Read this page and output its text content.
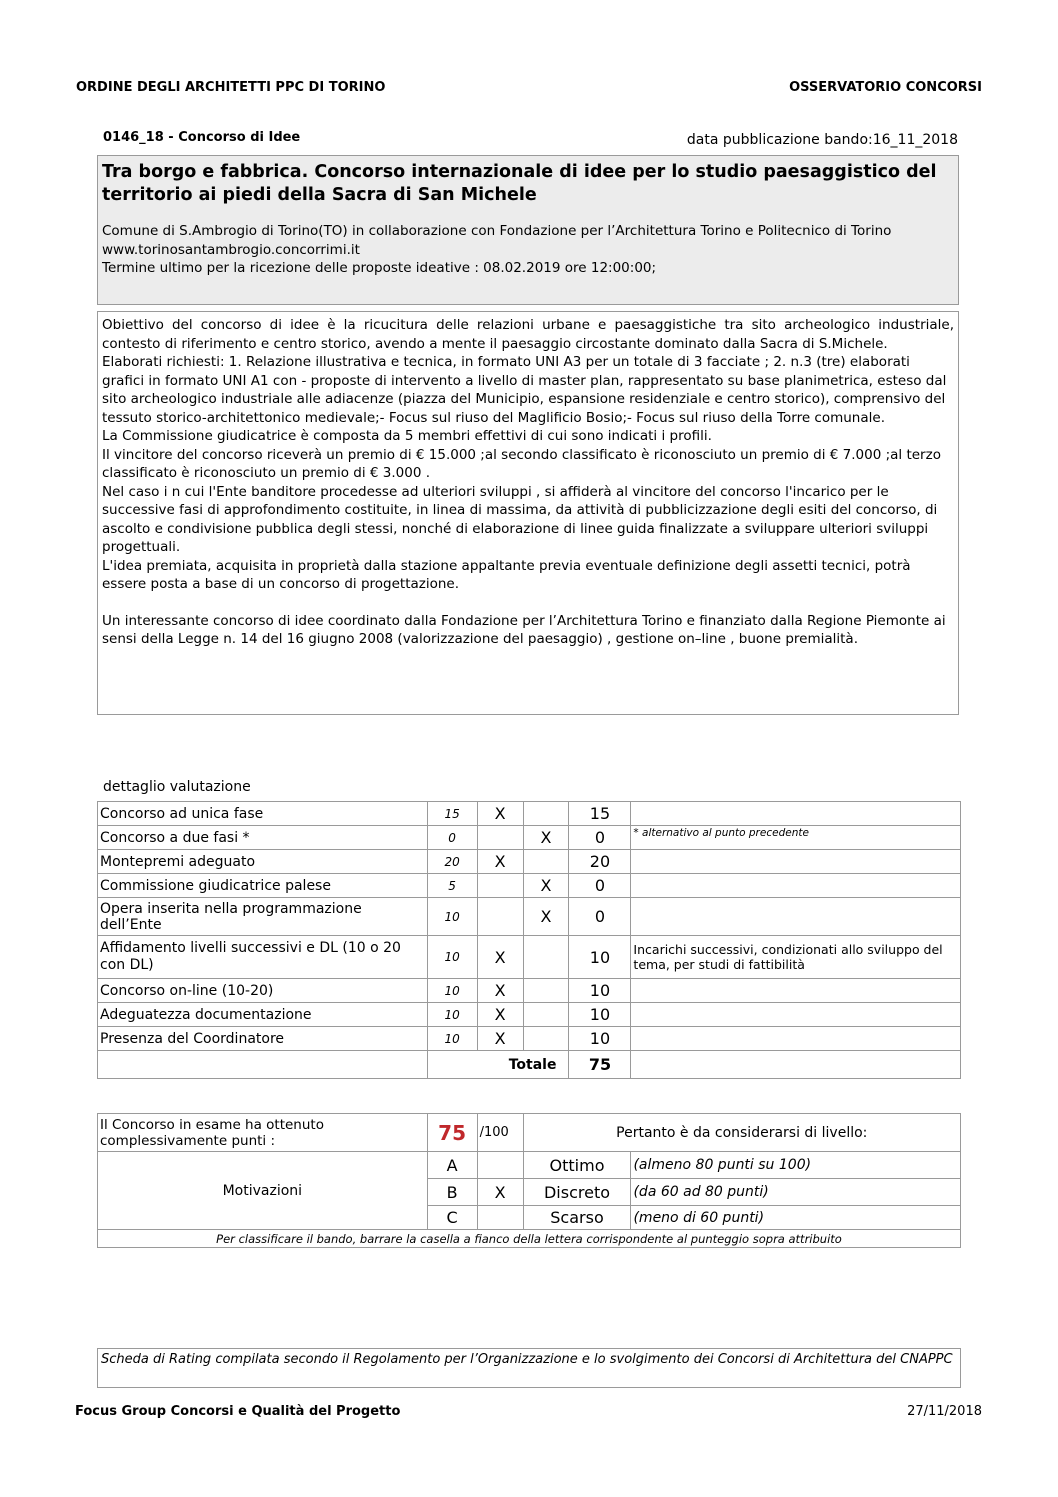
ORDINE DEGLI ARCHITETTI PPC DI TORINO	OSSERVATORIO CONCORSI
0146_18 - Concorso di Idee	data pubblicazione bando:16_11_2018

Tra borgo e fabbrica. Concorso internazionale di idee per lo studio paesaggistico del territorio ai piedi della Sacra di San Michele

Comune di S.Ambrogio di Torino(TO) in collaborazione con Fondazione per l’Architettura Torino e Politecnico di Torino
www.torinosantambrogio.concorrimi.it
Termine ultimo per la ricezione delle proposte ideative : 08.02.2019 ore 12:00:00;

Obiettivo del concorso di idee è la ricucitura delle relazioni urbane e paesaggistiche tra sito archeologico industriale, contesto di riferimento e centro storico, avendo a mente il paesaggio circostante dominato dalla Sacra di S.Michele.

Elaborati richiesti: 1. Relazione illustrativa e tecnica, in formato UNI A3 per un totale di 3 facciate ; 2. n.3 (tre) elaborati grafici in formato UNI A1 con - proposte di intervento a livello di master plan, rappresentato su base planimetrica, esteso dal sito archeologico industriale alle adiacenze (piazza del Municipio, espansione residenziale e centro storico), comprensivo del tessuto storico-architettonico medievale;- Focus sul riuso del Maglificio Bosio;- Focus sul riuso della Torre comunale.

La Commissione giudicatrice è composta da 5 membri effettivi di cui sono indicati i profili.

Il vincitore del concorso riceverà un premio di € 15.000 ;al secondo classificato è riconosciuto un premio di € 7.000 ;al terzo classificato è riconosciuto un premio di € 3.000 .

Nel caso i n cui l'Ente banditore procedesse ad ulteriori sviluppi , si affiderà al vincitore del concorso l'incarico per le successive fasi di approfondimento costituite, in linea di massima, da attività di pubblicizzazione degli esiti del concorso, di ascolto e condivisione pubblica degli stessi, nonché di elaborazione di linee guida finalizzate a sviluppare ulteriori sviluppi progettuali.

L'idea premiata, acquisita in proprietà dalla stazione appaltante previa eventuale definizione degli assetti tecnici, potrà essere posta a base di un concorso di progettazione.

Un interessante concorso di idee coordinato dalla Fondazione per l’Architettura Torino e finanziato dalla Regione Piemonte ai sensi della Legge n. 14 del 16 giugno 2008 (valorizzazione del paesaggio) , gestione on–line , buone premialità.

dettaglio valutazione
Concorso ad unica fase	15	X		15	
Concorso a due fasi *	0		X	0	* alternativo al punto precedente
Montepremi adeguato	20	X		20	
Commissione giudicatrice palese	5		X	0	
Opera inserita nella programmazione dell’Ente	10		X	0	
Affidamento livelli successivi e DL (10 o 20 con DL)	10	X		10	Incarichi successivi, condizionati allo sviluppo del tema, per studi di fattibilità
Concorso on-line (10-20)	10	X		10	
Adeguatezza documentazione	10	X		10	
Presenza del Coordinatore	10	X		10	
	Totale			75	
Il Concorso in esame ha ottenuto complessivamente punti :	75	/100	Pertanto è da considerarsi di livello:	
Motivazioni	A		Ottimo	(almeno 80 punti su 100)
	B	X	Discreto	(da 60 ad 80 punti)
	C		Scarso	(meno di 60 punti)
Per classificare il bando, barrare la casella a fianco della lettera corrispondente al punteggio sopra attribuito				
Scheda di Rating compilata secondo il Regolamento per l’Organizzazione e lo svolgimento dei Concorsi di Architettura del CNAPPC
Focus Group Concorsi e Qualità del Progetto	27/11/2018
